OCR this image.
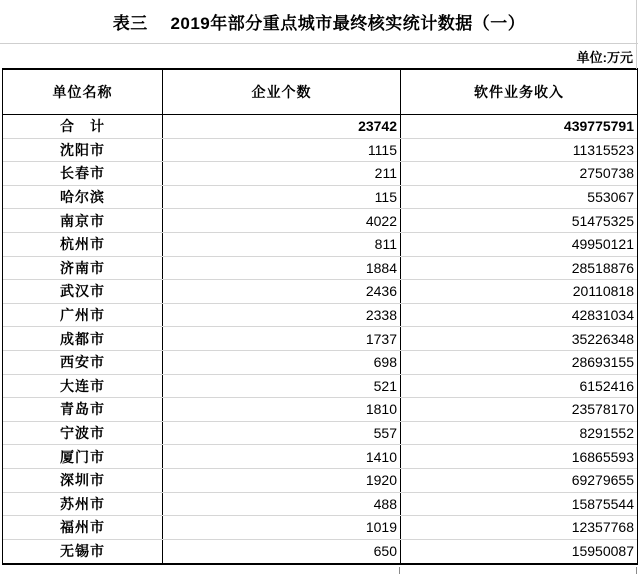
表三　 2019年部分重点城市最终核实统计数据（一）
单位:万元
单位名称	企业个数	软件业务收入
合　计	23742	439775791
沈阳市	1115	11315523
长春市	211	2750738
哈尔滨	115	553067
南京市	4022	51475325
杭州市	811	49950121
济南市	1884	28518876
武汉市	2436	20110818
广州市	2338	42831034
成都市	1737	35226348
西安市	698	28693155
大连市	521	6152416
青岛市	1810	23578170
宁波市	557	8291552
厦门市	1410	16865593
深圳市	1920	69279655
苏州市	488	15875544
福州市	1019	12357768
无锡市	650	15950087
